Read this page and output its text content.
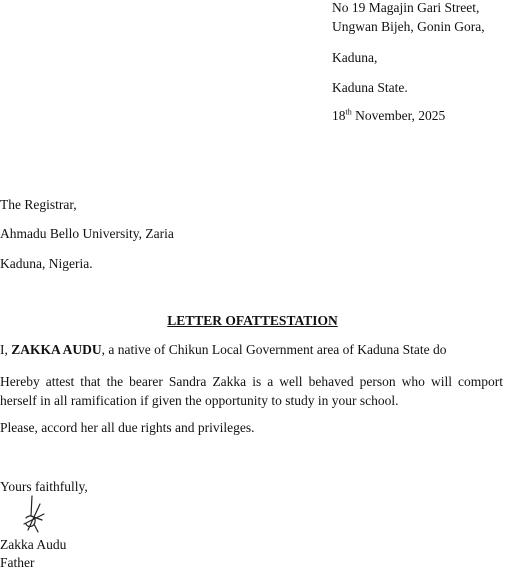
No 19 Magajin Gari Street,
Ungwan Bijeh, Gonin Gora,
Kaduna,
Kaduna State.
18th November, 2025
The Registrar,
Ahmadu Bello University, Zaria
Kaduna, Nigeria.
LETTER OFATTESTATION
I, ZAKKA AUDU, a native of Chikun Local Government area of Kaduna State do
Hereby attest that the bearer Sandra Zakka is a well behaved person who will comport herself in all ramification if given the opportunity to study in your school.
Please, accord her all due rights and privileges.
Yours faithfully,
Zakka Audu
Father
